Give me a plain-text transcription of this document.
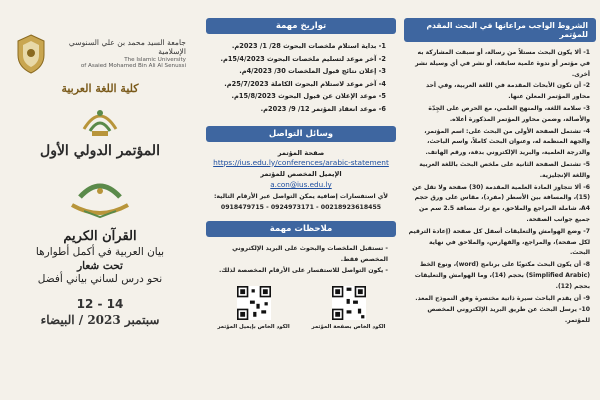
جامعة السيد محمد بن علي السنوسي الإسلامية
The Islamic University
of Asaied Mohamed Bin Ali Al Senussi
كلية اللغة العربية
المؤتمر الدولي الأول
القرآن الكريم
بيان العربية في أكمل أطوارها
تحت شعار
نحو درس لساني بياني أفضل
12 - 14
سبتمبر 2023 / البيضاء
تواريخ مهمة
1- بداية استلام ملخصات البحوث 28/ 1/ 2023م.
2- آخر موعد لتسليم ملخصات البحوث 15/4/2023م.
3- إعلان نتائج قبول الملخصات 30/ 4/2023م.
4- آخر موعد لاستلام البحوث الكاملة 25/7/2023م.
5- موعد الإعلان عن قبول البحوث 15/8/2023م.
6- موعد انعقاد المؤتمر 12/ 9/ 2023م.
وسائل التواصل
صفحة المؤتمر
https://ius.edu.ly/conferences/arabic-statement
الإيميل المخصص للمؤتمر
a.con@ius.edu.ly
لأي استفسارات إضافية يمكن التواصل عبر الأرقام التالية:
0918479715 - 0924973171 - 00218923618455
ملاحظات مهمة
- تستقبل الملخصات والبحوث على البريد الإلكتروني المخصص فقط.
- يكون التواصل للاستفسار على الأرقام المخصصة لذلك.
الكود الخاص بإيميل المؤتمر	الكود الخاص بصفحة المؤتمر
الشروط الواجب مراعاتها في البحث المقدم للمؤتمر
1- ألا يكون البحث مستلاً من رسالة، أو سبقت المشاركة به في مؤتمر أو ندوة علمية سابقة، أو نشر في أي وسيلة نشر أخرى.
2- أن تكون الأبحاث المقدمة في اللغة العربية، وفي أحد محاور المؤتمر المعلن عنها.
3- سلامة اللغة، والمنهج العلمي، مع الحرص على الجِدّة والأصالة، وضمن محاور المؤتمر المذكورة أعلاه.
4- تشتمل الصفحة الأولى من البحث على: اسم المؤتمر، والجهة المنظمة له، وعنوان البحث كاملاً، واسم الباحث، والدرجة العلمية، والبريد الإلكتروني بدقة، ورقم الهاتف.
5- تشتمل الصفحة الثانية على ملخص البحث باللغة العربية واللغة الإنجليزية.
6- ألا تتجاوز المادة العلمية المقدمة (30) صفحة ولا تقل عن (15)، والمسافة بين الأسطر (مفرد)، مقاس على ورق حجم A4، شاملة المراجع والملاحق، مع ترك مسافة 2.5 سم من جميع جوانب الصفحة.
7- وضع الهوامش والتعليقات أسفل كل صفحة (إعادة الترقيم لكل صفحة)، والمراجع، والفهارس، والملاحق في نهاية البحث.
8- أن يكون البحث مكتوبًا على برنامج (word)، ونوع الخط (Simplified Arabic) بحجم (14)، وما الهوامش والتعليقات بحجم (12).
9- أن يقدم الباحث سيرة ذاتية مختصرة وفق النموذج المعد.
10- يرسل البحث عن طريق البريد الإلكتروني المخصص للمؤتمر.
